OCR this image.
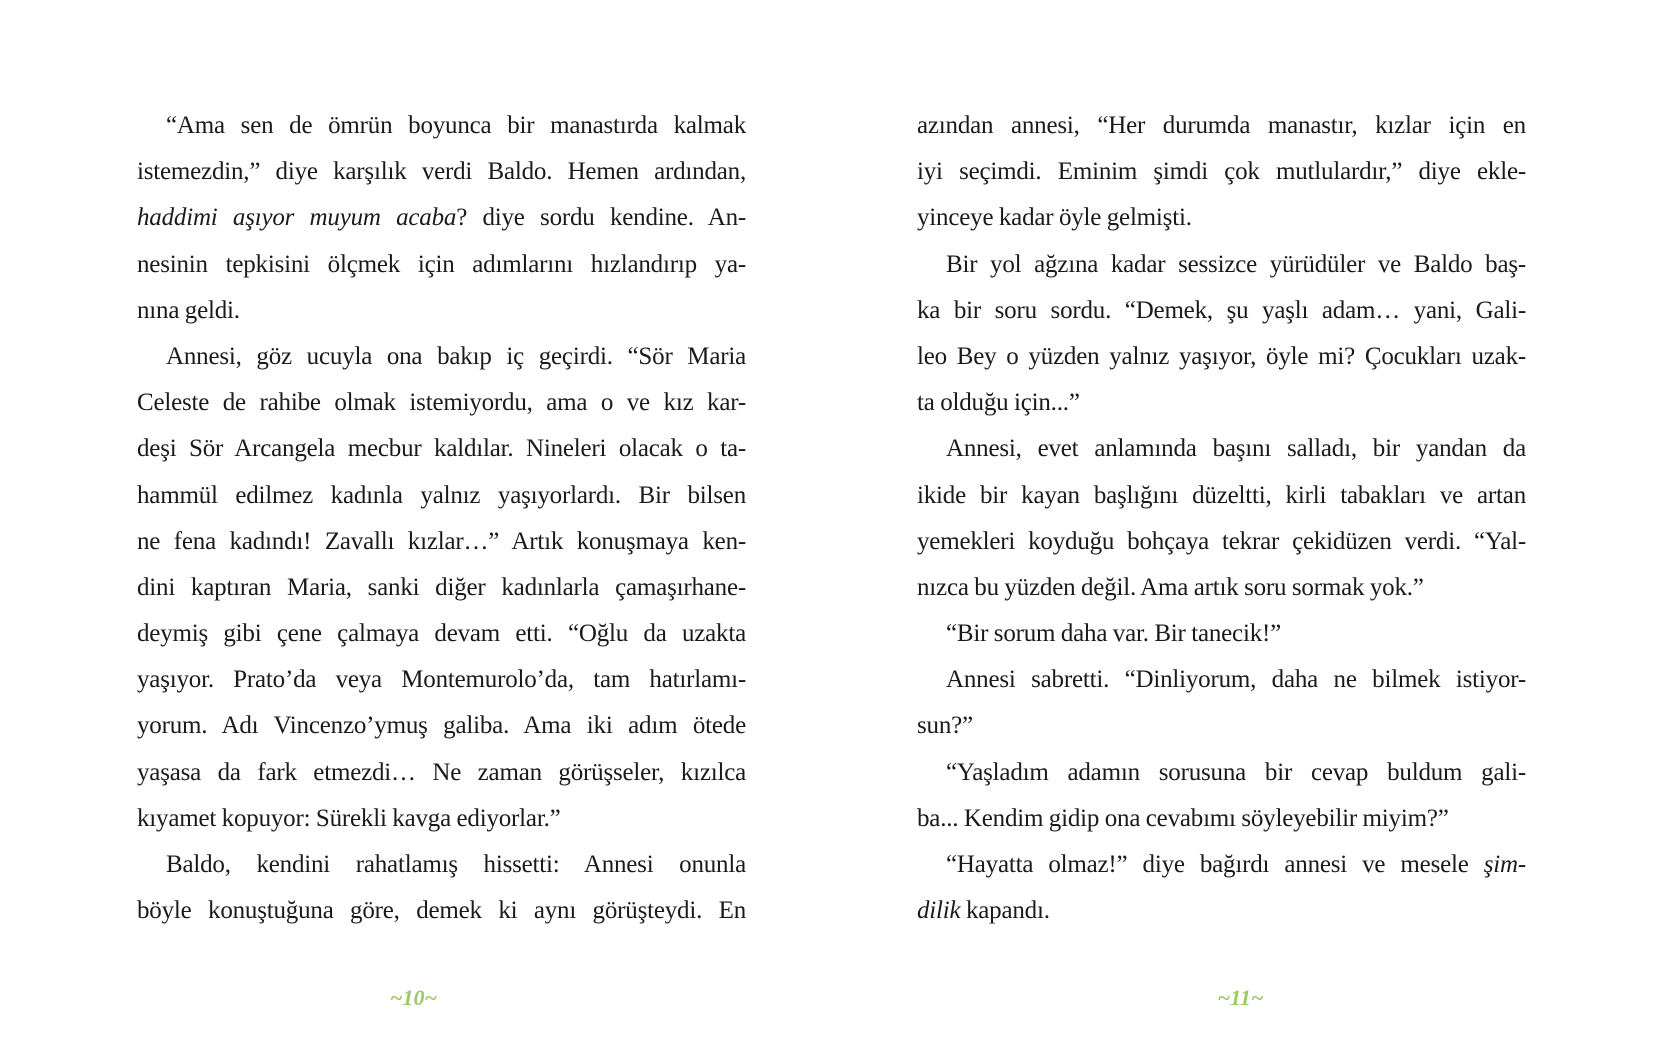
“Ama sen de ömrün boyunca bir manastırda kalmak
istemezdin,” diye karşılık verdi Baldo. Hemen ardından,
haddimi aşıyor muyum acaba? diye sordu kendine. An-
nesinin tepkisini ölçmek için adımlarını hızlandırıp ya-
nına geldi.
Annesi, göz ucuyla ona bakıp iç geçirdi. “Sör Maria
Celeste de rahibe olmak istemiyordu, ama o ve kız kar-
deşi Sör Arcangela mecbur kaldılar. Nineleri olacak o ta-
hammül edilmez kadınla yalnız yaşıyorlardı. Bir bilsen
ne fena kadındı! Zavallı kızlar…” Artık konuşmaya ken-
dini kaptıran Maria, sanki diğer kadınlarla çamaşırhane-
deymiş gibi çene çalmaya devam etti. “Oğlu da uzakta
yaşıyor. Prato’da veya Montemurolo’da, tam hatırlamı-
yorum. Adı Vincenzo’ymuş galiba. Ama iki adım ötede
yaşasa da fark etmezdi… Ne zaman görüşseler, kızılca
kıyamet kopuyor: Sürekli kavga ediyorlar.”
Baldo, kendini rahatlamış hissetti: Annesi onunla
böyle konuştuğuna göre, demek ki aynı görüşteydi. En
~10~
azından annesi, “Her durumda manastır, kızlar için en
iyi seçimdi. Eminim şimdi çok mutlulardır,” diye ekle-
yinceye kadar öyle gelmişti.
Bir yol ağzına kadar sessizce yürüdüler ve Baldo baş-
ka bir soru sordu. “Demek, şu yaşlı adam… yani, Gali-
leo Bey o yüzden yalnız yaşıyor, öyle mi? Çocukları uzak-
ta olduğu için...”
Annesi, evet anlamında başını salladı, bir yandan da
ikide bir kayan başlığını düzeltti, kirli tabakları ve artan
yemekleri koyduğu bohçaya tekrar çekidüzen verdi. “Yal-
nızca bu yüzden değil. Ama artık soru sormak yok.”
“Bir sorum daha var. Bir tanecik!”
Annesi sabretti. “Dinliyorum, daha ne bilmek istiyor-
sun?”
“Yaşladım adamın sorusuna bir cevap buldum gali-
ba... Kendim gidip ona cevabımı söyleyebilir miyim?”
“Hayatta olmaz!” diye bağırdı annesi ve mesele şim-
dilik kapandı.
~11~
